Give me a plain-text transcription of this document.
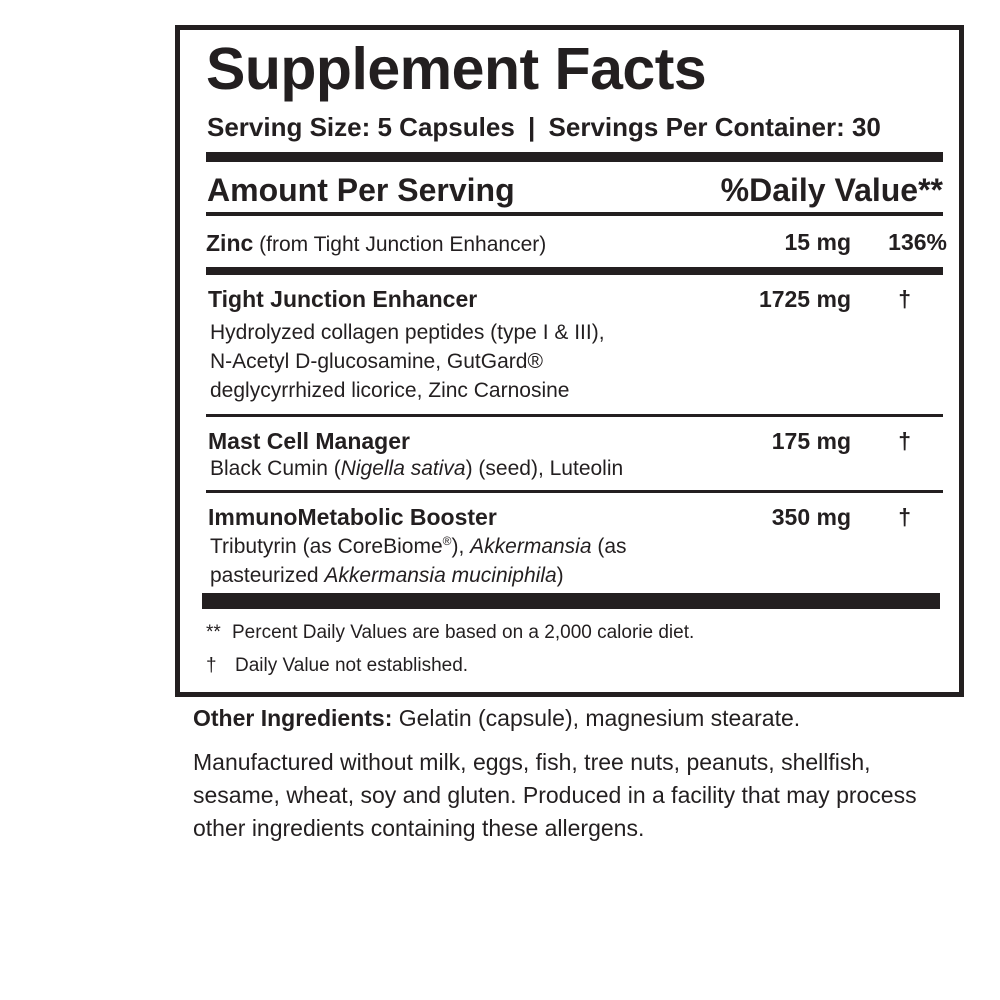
Supplement Facts
Serving Size: 5 Capsules | Servings Per Container: 30
Amount Per Serving	%Daily Value**
Zinc (from Tight Junction Enhancer)	15 mg 136%
Tight Junction Enhancer	1725 mg †
Hydrolyzed collagen peptides (type I & III),
N-Acetyl D-glucosamine, GutGard®
deglycyrrhized licorice, Zinc Carnosine
Mast Cell Manager	175 mg †
Black Cumin (Nigella sativa) (seed), Luteolin
ImmunoMetabolic Booster	350 mg †
Tributyrin (as CoreBiome®), Akkermansia (as
pasteurized Akkermansia muciniphila)
** Percent Daily Values are based on a 2,000 calorie diet.
† Daily Value not established.
Other Ingredients: Gelatin (capsule), magnesium stearate.
Manufactured without milk, eggs, fish, tree nuts, peanuts, shellfish, sesame, wheat, soy and gluten. Produced in a facility that may process other ingredients containing these allergens.
